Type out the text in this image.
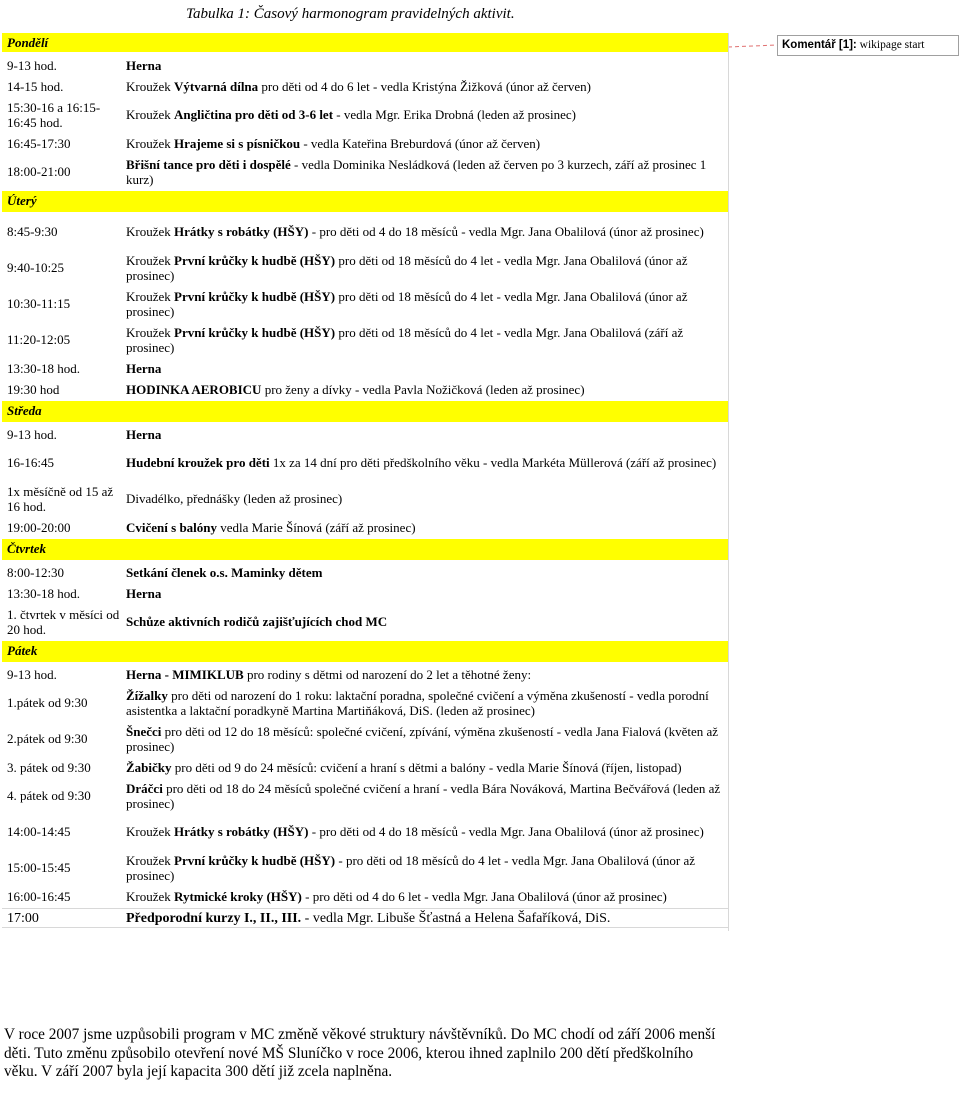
Tabulka 1: Časový harmonogram pravidelných aktivit.
Komentář [1]: wikipage start
Pondělí
9-13 hod.	Herna
14-15 hod.	Kroužek Výtvarná dílna pro děti od 4 do 6 let - vedla Kristýna Žižková (únor až červen)
15:30-16 a 16:15-16:45 hod.	Kroužek Angličtina pro děti od 3-6 let - vedla Mgr. Erika Drobná (leden až prosinec)
16:45-17:30	Kroužek Hrajeme si s písničkou - vedla Kateřina Breburdová (únor až červen)
18:00-21:00	Břišní tance pro děti i dospělé - vedla Dominika Nesládková (leden až červen po 3 kurzech, září až prosinec 1 kurz)
Úterý
8:45-9:30	Kroužek Hrátky s robátky (HŠY) - pro děti od 4 do 18 měsíců - vedla Mgr. Jana Obalilová (únor až prosinec)
9:40-10:25	Kroužek První krůčky k hudbě (HŠY) pro děti od 18 měsíců do 4 let - vedla Mgr. Jana Obalilová (únor až prosinec)
10:30-11:15	Kroužek První krůčky k hudbě (HŠY) pro děti od 18 měsíců do 4 let - vedla Mgr. Jana Obalilová (únor až prosinec)
11:20-12:05	Kroužek První krůčky k hudbě (HŠY) pro děti od 18 měsíců do 4 let - vedla Mgr. Jana Obalilová (září až prosinec)
13:30-18 hod.	Herna
19:30 hod	HODINKA AEROBICU pro ženy a dívky - vedla Pavla Nožičková (leden až prosinec)
Středa
9-13 hod.	Herna
16-16:45	Hudební kroužek pro děti 1x za 14 dní pro děti předškolního věku - vedla Markéta Müllerová (září až prosinec)
1x měsíčně od 15 až 16 hod.	Divadélko, přednášky (leden až prosinec)
19:00-20:00	Cvičení s balóny vedla Marie Šínová (září až prosinec)
Čtvrtek
8:00-12:30	Setkání členek o.s. Maminky dětem
13:30-18 hod.	Herna
1. čtvrtek v měsíci od 20 hod.	Schůze aktivních rodičů zajišťujících chod MC
Pátek
9-13 hod.	Herna - MIMIKLUB pro rodiny s dětmi od narození do 2 let a těhotné ženy:
1.pátek od 9:30	Žížalky pro děti od narození do 1 roku: laktační poradna, společné cvičení a výměna zkušeností - vedla porodní asistentka a laktační poradkyně Martina Martiňáková, DiS. (leden až prosinec)
2.pátek od 9:30	Šnečci pro děti od 12 do 18 měsíců: společné cvičení, zpívání, výměna zkušeností - vedla Jana Fialová (květen až prosinec)
3. pátek od 9:30	Žabičky pro děti od 9 do 24 měsíců: cvičení a hraní s dětmi a balóny - vedla Marie Šínová (říjen, listopad)
4. pátek od 9:30	Dráčci pro děti od 18 do 24 měsíců společné cvičení a hraní - vedla Bára Nováková, Martina Bečvářová (leden až prosinec)
14:00-14:45	Kroužek Hrátky s robátky (HŠY) - pro děti od 4 do 18 měsíců - vedla Mgr. Jana Obalilová (únor až prosinec)
15:00-15:45	Kroužek První krůčky k hudbě (HŠY) - pro děti od 18 měsíců do 4 let - vedla Mgr. Jana Obalilová (únor až prosinec)
16:00-16:45	Kroužek Rytmické kroky (HŠY) - pro děti od 4 do 6 let - vedla Mgr. Jana Obalilová (únor až prosinec)
17:00	Předporodní kurzy I., II., III. - vedla Mgr. Libuše Šťastná a Helena Šafaříková, DiS.
V roce 2007 jsme uzpůsobili program v MC změně věkové struktury návštěvníků. Do MC chodí od září 2006 menší děti. Tuto změnu způsobilo otevření nové MŠ Sluníčko v roce 2006, kterou ihned zaplnilo 200 dětí předškolního věku. V září 2007 byla její kapacita 300 dětí již zcela naplněna.
